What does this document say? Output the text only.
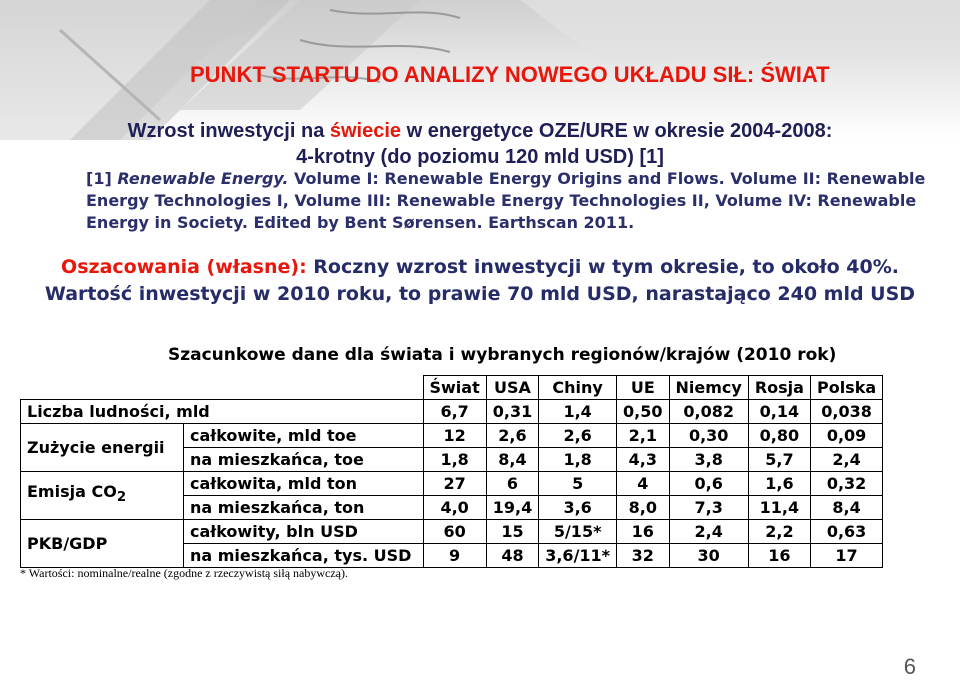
PUNKT STARTU DO ANALIZY NOWEGO UKŁADU SIŁ: ŚWIAT
Wzrost inwestycji na świecie w energetyce OZE/URE w okresie 2004-2008:
4-krotny (do poziomu 120 mld USD) [1]
[1] Renewable Energy. Volume I: Renewable Energy Origins and Flows. Volume II: Renewable Energy Technologies I, Volume III: Renewable Energy Technologies II, Volume IV: Renewable Energy in Society. Edited by Bent Sørensen. Earthscan 2011.
Oszacowania (własne): Roczny wzrost inwestycji w tym okresie, to około 40%.
Wartość inwestycji w 2010 roku, to prawie 70 mld USD, narastająco 240 mld USD
Szacunkowe dane dla świata i wybranych regionów/krajów (2010 rok)
		Świat	USA	Chiny	UE	Niemcy	Rosja	Polska
Liczba ludności, mld		6,7	0,31	1,4	0,50	0,082	0,14	0,038
Zużycie energii	całkowite, mld toe	12	2,6	2,6	2,1	0,30	0,80	0,09
	na mieszkańca, toe	1,8	8,4	1,8	4,3	3,8	5,7	2,4
Emisja $CO_2$	całkowita, mld ton	27	6	5	4	0,6	1,6	0,32
	na mieszkańca, ton	4,0	19,4	3,6	8,0	7,3	11,4	8,4
PKB/GDP	całkowity, bln USD	60	15	5/15*	16	2,4	2,2	0,63
	na mieszkańca, tys. USD	9	48	3,6/11*	32	30	16	17
* Wartości: nominalne/realne (zgodne z rzeczywistą siłą nabywczą).
6
